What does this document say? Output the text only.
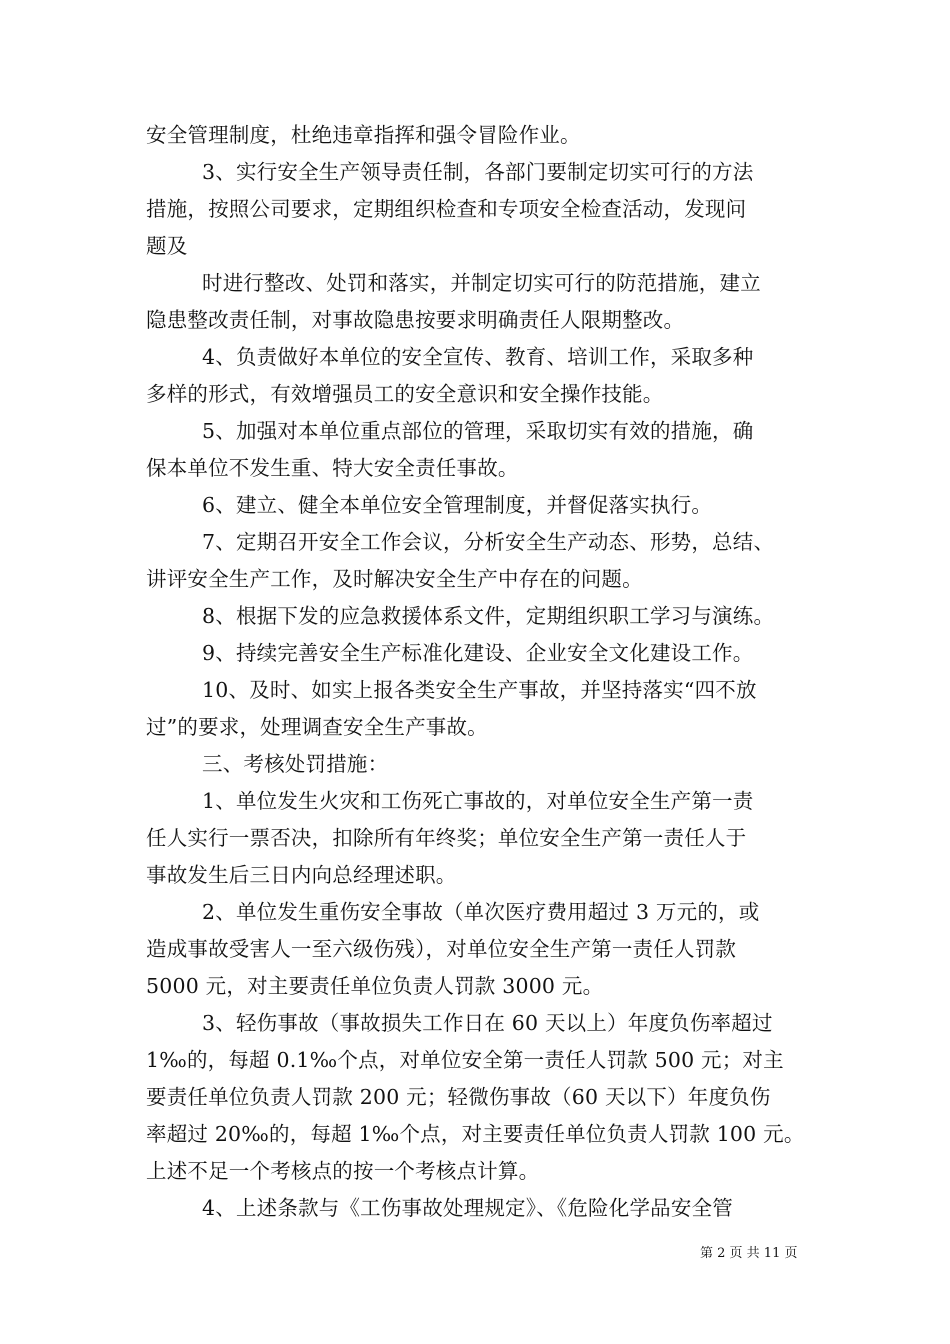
安全管理制度，杜绝违章指挥和强令冒险作业。
3、实行安全生产领导责任制，各部门要制定切实可行的方法
措施，按照公司要求，定期组织检查和专项安全检查活动，发现问
题及
时进行整改、处罚和落实，并制定切实可行的防范措施，建立
隐患整改责任制，对事故隐患按要求明确责任人限期整改。
4、负责做好本单位的安全宣传、教育、培训工作，采取多种
多样的形式，有效增强员工的安全意识和安全操作技能。
5、加强对本单位重点部位的管理，采取切实有效的措施，确
保本单位不发生重、特大安全责任事故。
6、建立、健全本单位安全管理制度，并督促落实执行。
7、定期召开安全工作会议，分析安全生产动态、形势，总结、
讲评安全生产工作，及时解决安全生产中存在的问题。
8、根据下发的应急救援体系文件，定期组织职工学习与演练。
9、持续完善安全生产标准化建设、企业安全文化建设工作。
10、及时、如实上报各类安全生产事故，并坚持落实“四不放
过”的要求，处理调查安全生产事故。
三、考核处罚措施：
1、单位发生火灾和工伤死亡事故的，对单位安全生产第一责
任人实行一票否决，扣除所有年终奖；单位安全生产第一责任人于
事故发生后三日内向总经理述职。
2、单位发生重伤安全事故（单次医疗费用超过 3 万元的，或
造成事故受害人一至六级伤残），对单位安全生产第一责任人罚款
5000 元，对主要责任单位负责人罚款 3000 元。
3、轻伤事故（事故损失工作日在 60 天以上）年度负伤率超过
1‰的，每超 0.1‰个点，对单位安全第一责任人罚款 500 元；对主
要责任单位负责人罚款 200 元；轻微伤事故（60 天以下）年度负伤
率超过 20‰的，每超 1‰个点，对主要责任单位负责人罚款 100 元。
上述不足一个考核点的按一个考核点计算。
4、上述条款与《工伤事故处理规定》、《危险化学品安全管
第 2 页 共 11 页
